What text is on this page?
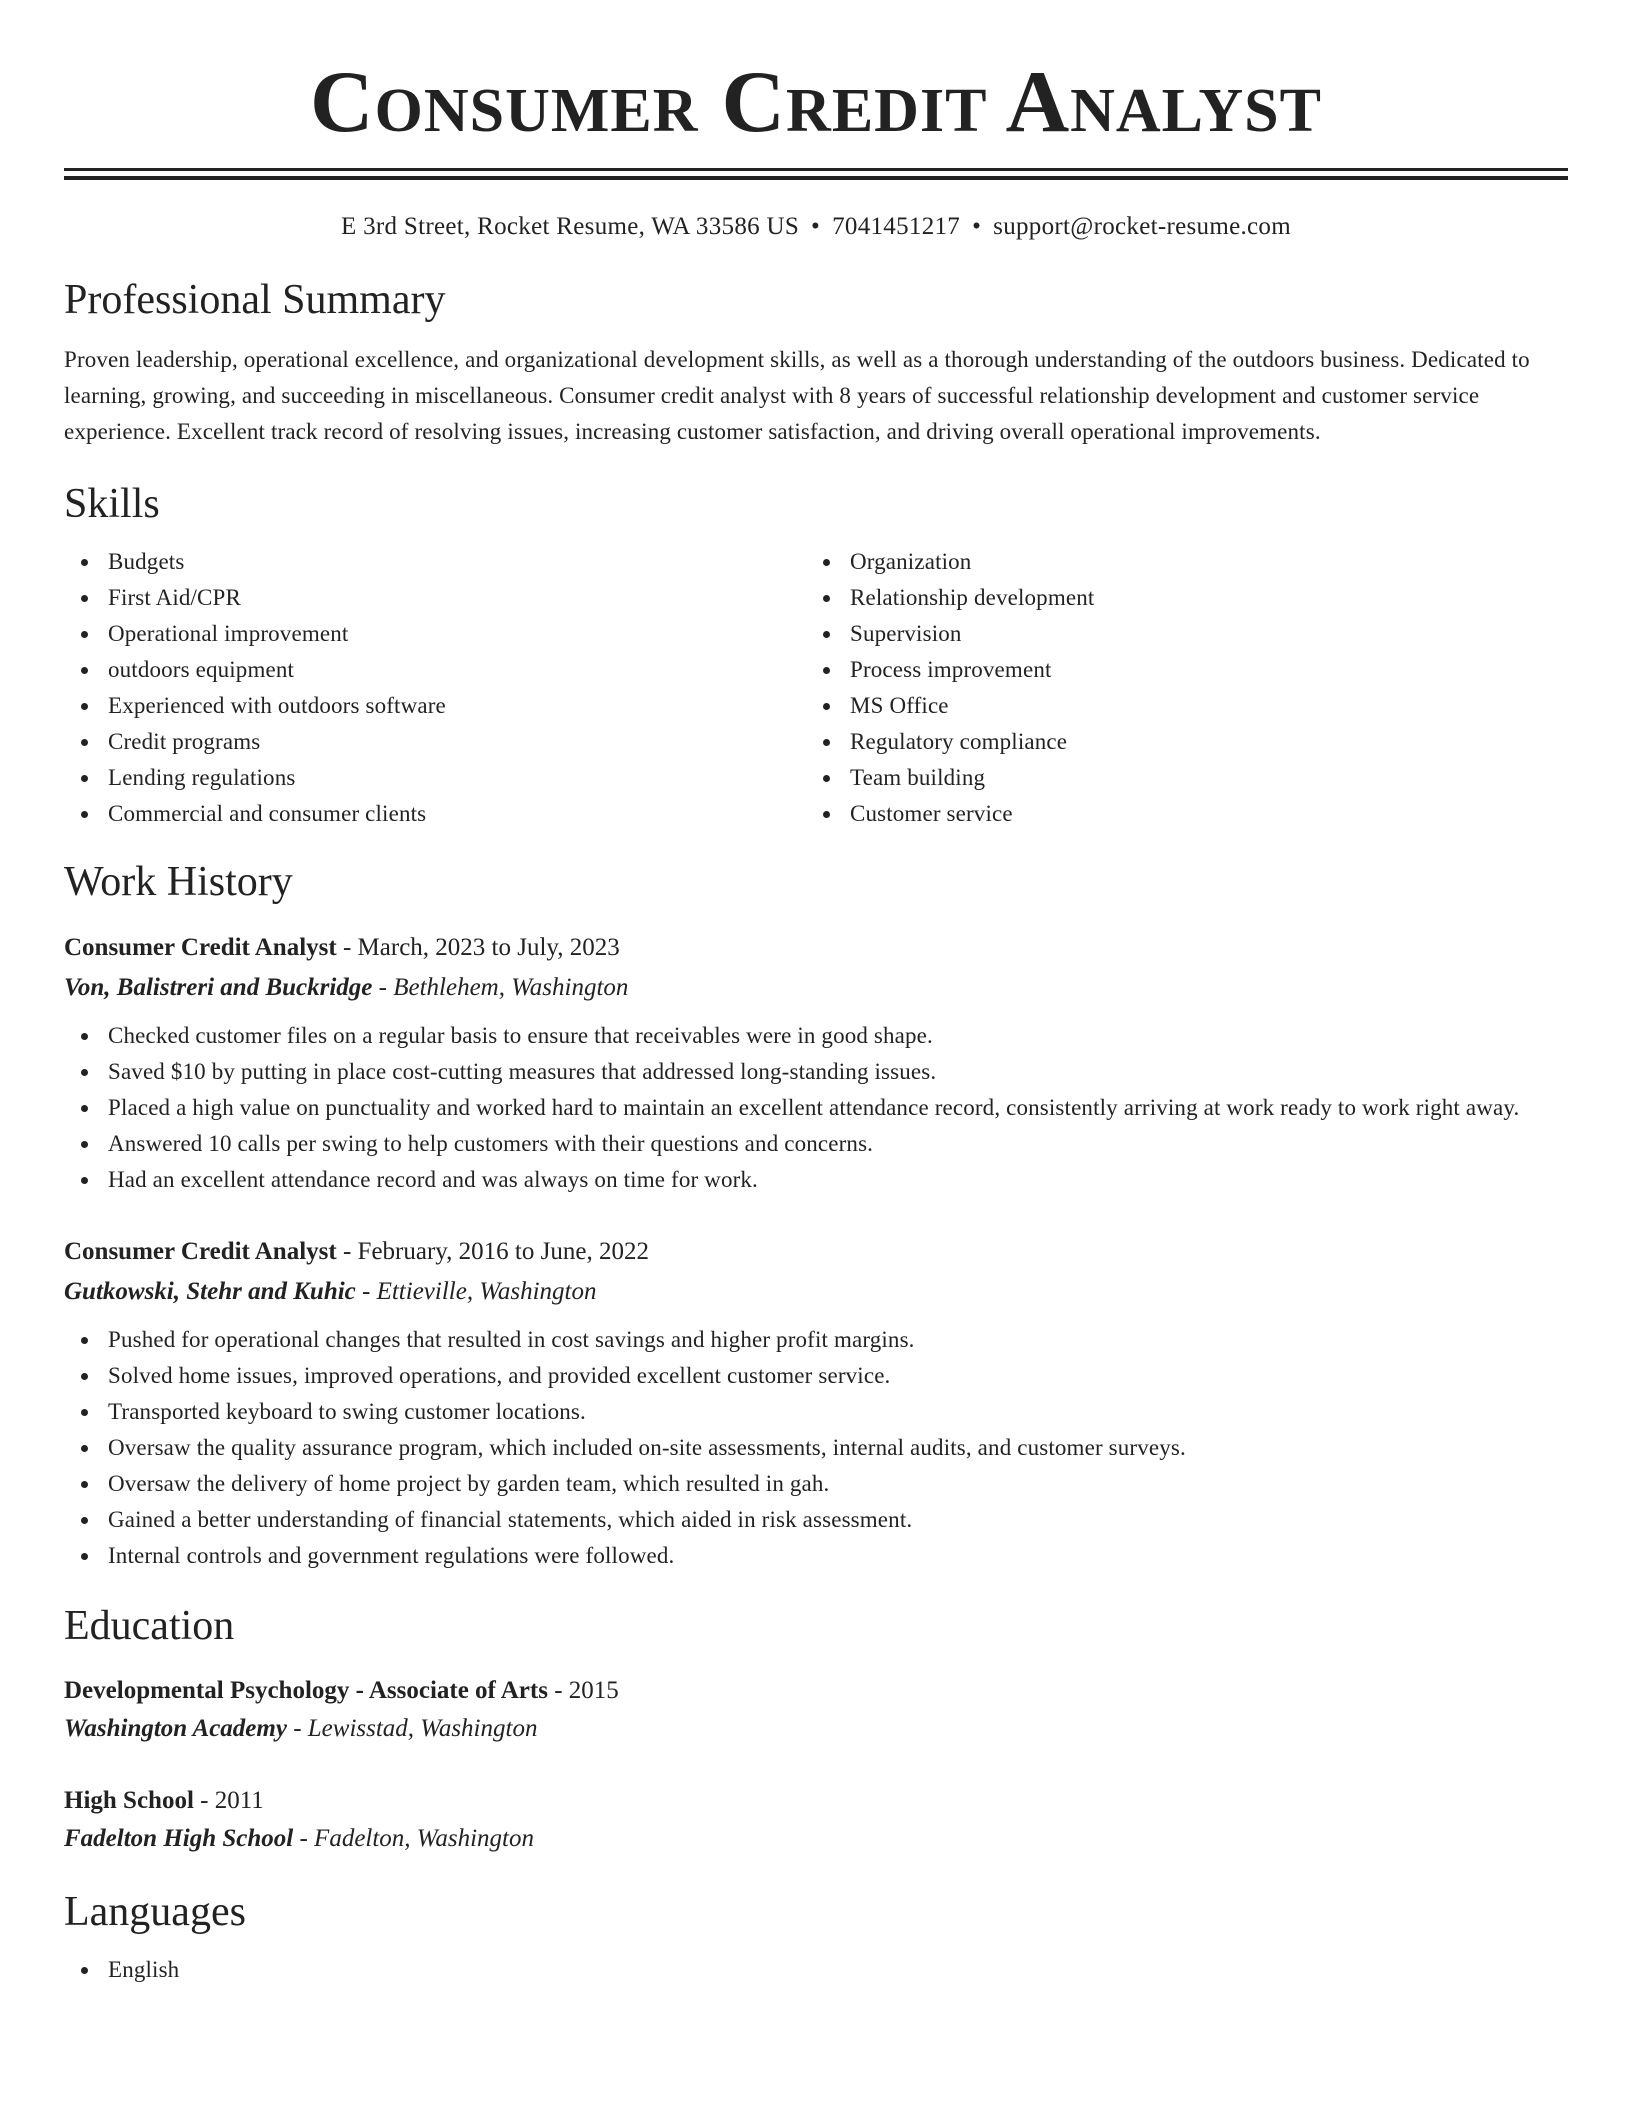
Consumer Credit Analyst
E 3rd Street, Rocket Resume, WA 33586 US • 7041451217 • support@rocket-resume.com
Professional Summary
Proven leadership, operational excellence, and organizational development skills, as well as a thorough understanding of the outdoors business. Dedicated to learning, growing, and succeeding in miscellaneous. Consumer credit analyst with 8 years of successful relationship development and customer service experience. Excellent track record of resolving issues, increasing customer satisfaction, and driving overall operational improvements.
Skills
Budgets
First Aid/CPR
Operational improvement
outdoors equipment
Experienced with outdoors software
Credit programs
Lending regulations
Commercial and consumer clients
Organization
Relationship development
Supervision
Process improvement
MS Office
Regulatory compliance
Team building
Customer service
Work History
Consumer Credit Analyst - March, 2023 to July, 2023
Von, Balistreri and Buckridge - Bethlehem, Washington
Checked customer files on a regular basis to ensure that receivables were in good shape.
Saved $10 by putting in place cost-cutting measures that addressed long-standing issues.
Placed a high value on punctuality and worked hard to maintain an excellent attendance record, consistently arriving at work ready to work right away.
Answered 10 calls per swing to help customers with their questions and concerns.
Had an excellent attendance record and was always on time for work.
Consumer Credit Analyst - February, 2016 to June, 2022
Gutkowski, Stehr and Kuhic - Ettieville, Washington
Pushed for operational changes that resulted in cost savings and higher profit margins.
Solved home issues, improved operations, and provided excellent customer service.
Transported keyboard to swing customer locations.
Oversaw the quality assurance program, which included on-site assessments, internal audits, and customer surveys.
Oversaw the delivery of home project by garden team, which resulted in gah.
Gained a better understanding of financial statements, which aided in risk assessment.
Internal controls and government regulations were followed.
Education
Developmental Psychology - Associate of Arts - 2015
Washington Academy - Lewisstad, Washington
High School - 2011
Fadelton High School - Fadelton, Washington
Languages
English
